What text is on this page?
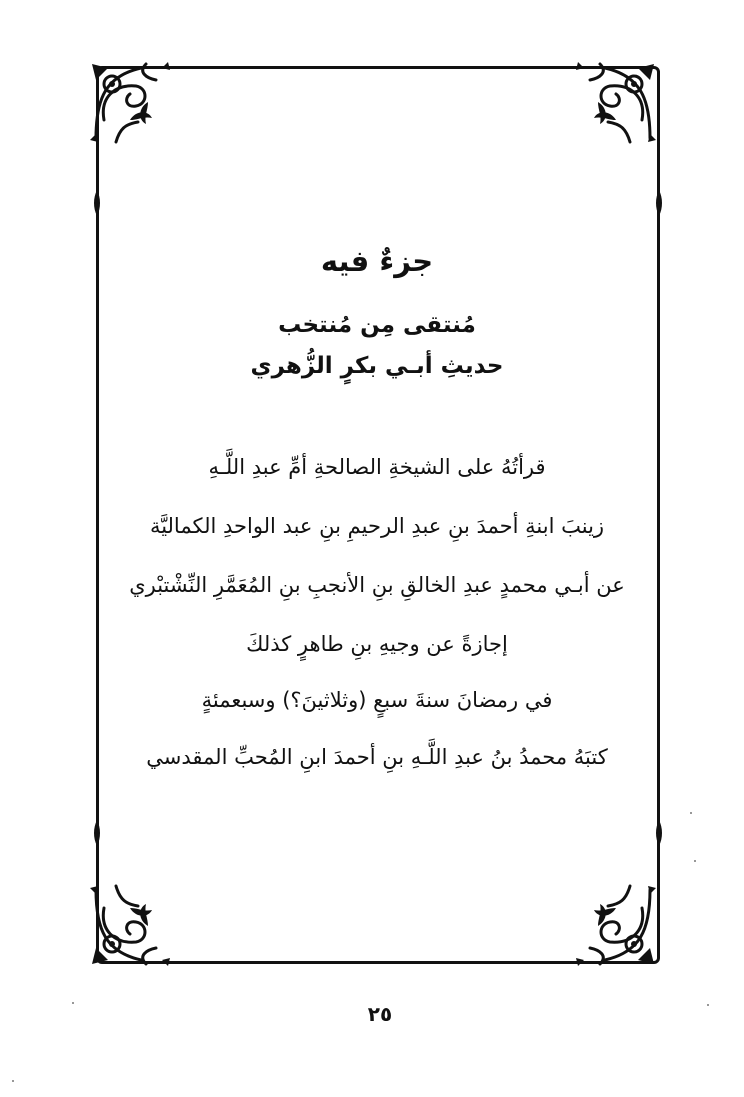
جزءٌ فيه
مُنتقى مِن مُنتخب
حديثِ أبـي بكرٍ الزُّهري
قرأتُهُ على الشيخةِ الصالحةِ أمِّ عبدِ اللَّـهِ
زينبَ ابنةِ أحمدَ بنِ عبدِ الرحيمِ بنِ عبد الواحدِ الكماليَّة
عن أبـي محمدٍ عبدِ الخالقِ بنِ الأنجبِ بنِ المُعَمَّرِ النِّشْتبْري
إجازةً عن وجيهِ بنِ طاهرٍ كذلكَ
في رمضانَ سنةَ سبعٍ (وثلاثينَ؟) وسبعمئةٍ
كتبَهُ محمدُ بنُ عبدِ اللَّـهِ بنِ أحمدَ ابنِ المُحبِّ المقدسي
٢٥
